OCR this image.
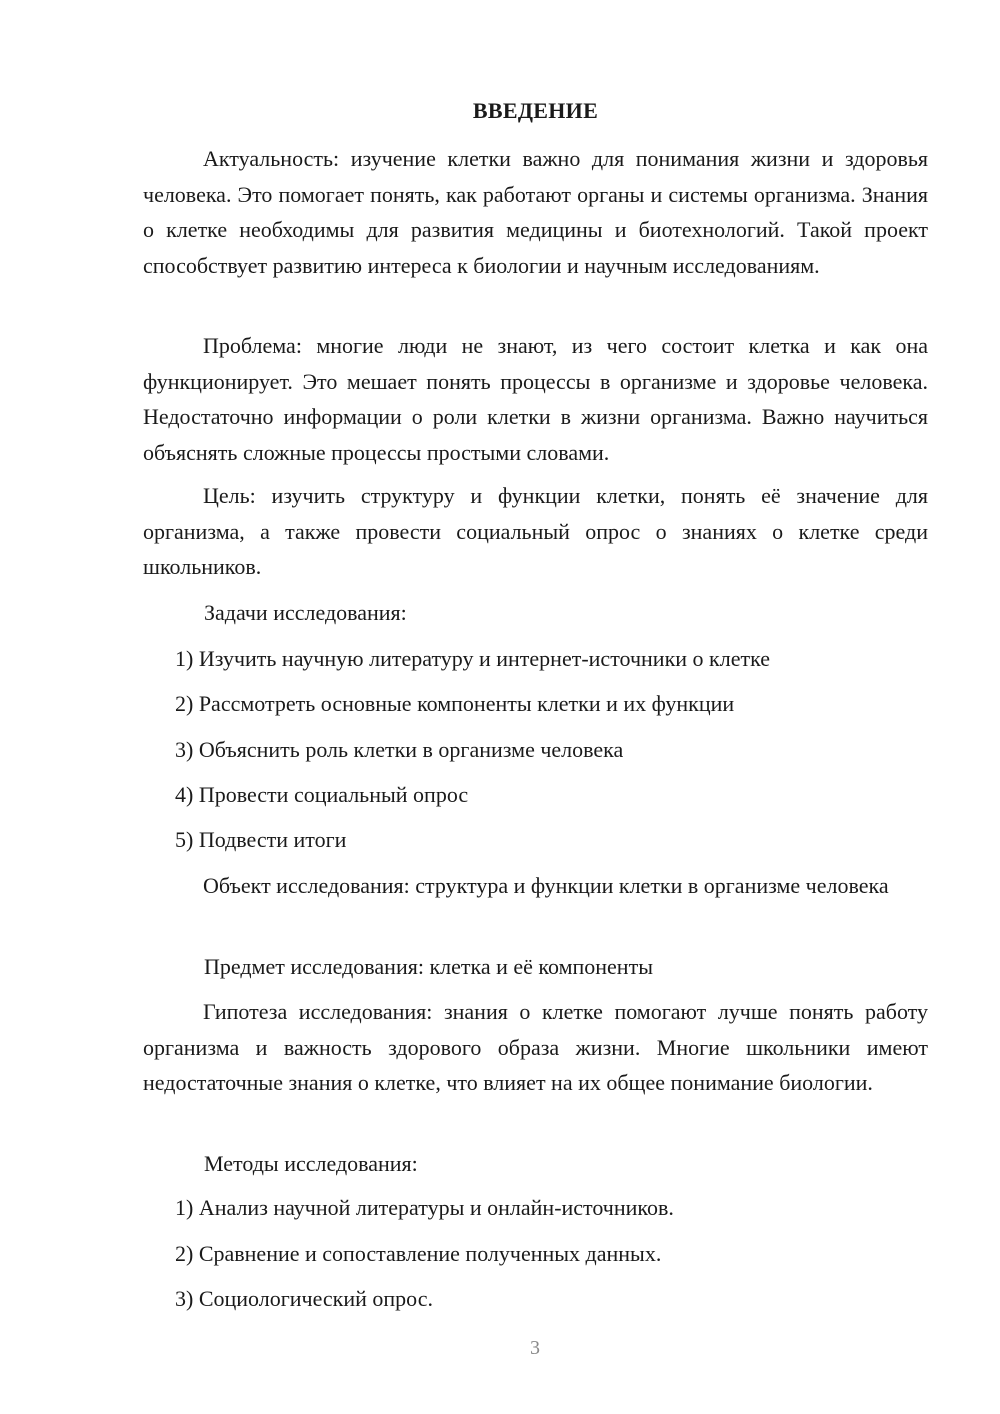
ВВЕДЕНИЕ
Актуальность: изучение клетки важно для понимания жизни и здоровья человека. Это помогает понять, как работают органы и системы организма. Знания о клетке необходимы для развития медицины и биотехнологий. Такой проект способствует развитию интереса к биологии и научным исследованиям.
Проблема: многие люди не знают, из чего состоит клетка и как она функционирует. Это мешает понять процессы в организме и здоровье человека. Недостаточно информации о роли клетки в жизни организма. Важно научиться объяснять сложные процессы простыми словами.
Цель: изучить структуру и функции клетки, понять её значение для организма, а также провести социальный опрос о знаниях о клетке среди школьников.
Задачи исследования:
1) Изучить научную литературу и интернет-источники о клетке
2) Рассмотреть основные компоненты клетки и их функции
3) Объяснить роль клетки в организме человека
4) Провести социальный опрос
5) Подвести итоги
Объект исследования: структура и функции клетки в организме человека
Предмет исследования: клетка и её компоненты
Гипотеза исследования: знания о клетке помогают лучше понять работу организма и важность здорового образа жизни. Многие школьники имеют недостаточные знания о клетке, что влияет на их общее понимание биологии.
Методы исследования:
1) Анализ научной литературы и онлайн-источников.
2) Сравнение и сопоставление полученных данных.
3) Социологический опрос.
3
